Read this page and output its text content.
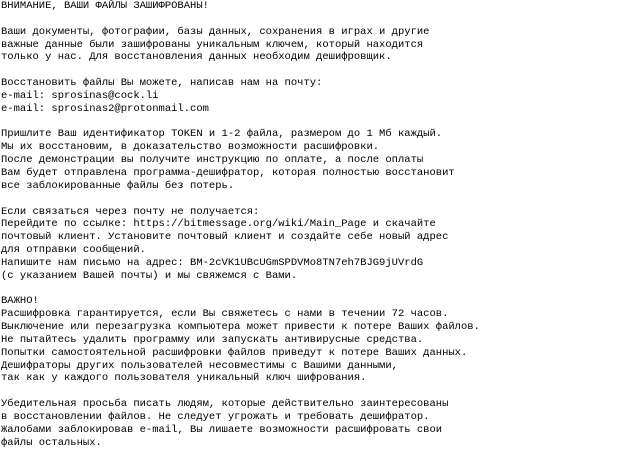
ВНИМАНИЕ, ВАШИ ФАЙЛЫ ЗАШИФРОВАНЫ!
Ваши документы, фотографии, базы данных, сохранения в играх и другие
важные данные были зашифрованы уникальным ключем, который находится
только у нас. Для восстановления данных необходим дешифровщик.
Восстановить файлы Вы можете, написав нам на почту:
e-mail: sprosinas@cock.li
e-mail: sprosinas2@protonmail.com
Пришлите Ваш идентификатор TOKEN и 1-2 файла, размером до 1 Мб каждый.
Мы их восстановим, в доказательство возможности расшифровки.
После демонстрации вы получите инструкцию по оплате, а после оплаты
Вам будет отправлена программа-дешифратор, которая полностью восстановит
все заблокированные файлы без потерь.
Если связаться через почту не получается:
Перейдите по ссылке: https://bitmessage.org/wiki/Main_Page и скачайте
почтовый клиент. Установите почтовый клиент и создайте себе новый адрес
для отправки сообщений.
Напишите нам письмо на адрес: BM-2cVK1UBcUGmSPDVMo8TN7eh7BJG9jUVrdG
(с указанием Вашей почты) и мы свяжемся с Вами.
ВАЖНО!
Расшифровка гарантируется, если Вы свяжетесь с нами в течении 72 часов.
Выключение или перезагрузка компьютера может привести к потере Ваших файлов.
Не пытайтесь удалить программу или запускать антивирусные средства.
Попытки самостоятельной расшифровки файлов приведут к потере Ваших данных.
Дешифраторы других пользователей несовместимы с Вашими данными,
так как у каждого пользователя уникальный ключ шифрования.
Убедительная просьба писать людям, которые действительно заинтересованы
в восстановлении файлов. Не следует угрожать и требовать дешифратор.
Жалобами заблокировав e-mail, Вы лишаете возможности расшифровать свои
файлы остальных.
